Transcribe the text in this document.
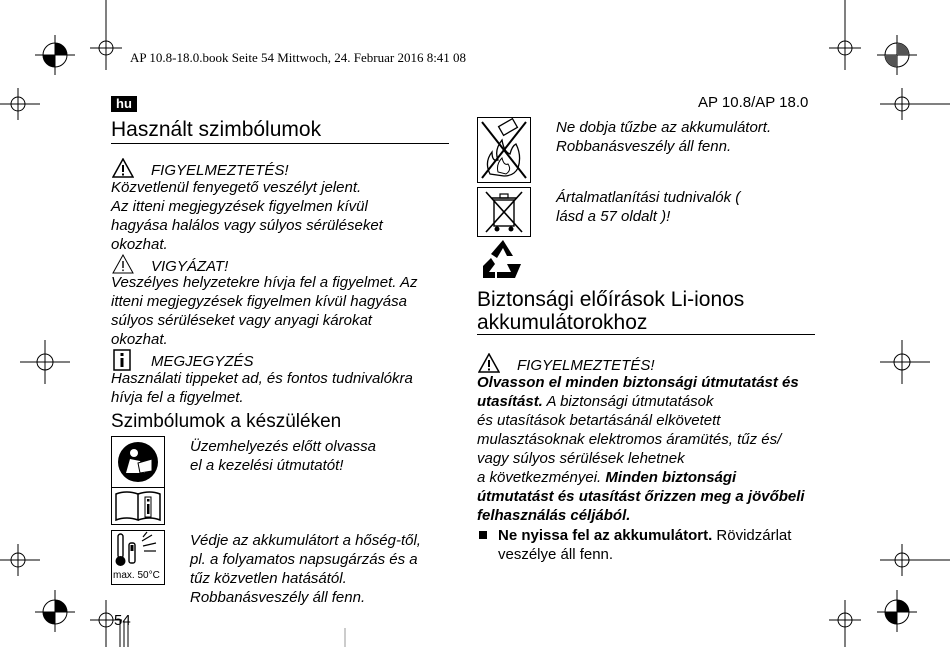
AP 10.8-18.0.book Seite 54 Mittwoch, 24. Februar 2016 8:41 08
hu	AP 10.8/AP 18.0
Használt szimbólumok
FIGYELMEZTETÉS!
Közvetlenül fenyegető veszélyt jelent.
Az itteni megjegyzések figyelmen kívül
hagyása halálos vagy súlyos sérüléseket
okozhat.
VIGYÁZAT!
Veszélyes helyzetekre hívja fel a figyelmet. Az
itteni megjegyzések figyelmen kívül hagyása
súlyos sérüléseket vagy anyagi károkat
okozhat.
MEGJEGYZÉS
Használati tippeket ad, és fontos tudnivalókra
hívja fel a figyelmet.
Szimbólumok a készüléken
Üzemhelyezés előtt olvassa
el a kezelési útmutatót!
max. 50°C
Védje az akkumulátort a hőség-től,
pl. a folyamatos napsugárzás és a
tűz közvetlen hatásától.
Robbanásveszély áll fenn.
54
Ne dobja tűzbe az akkumulátort.
Robbanásveszély áll fenn.
Ártalmatlanítási tudnivalók (
lásd a 57 oldalt )!
Biztonsági előírások Li-ionos
akkumulátorokhoz
FIGYELMEZTETÉS!
Olvasson el minden biztonsági útmutatást és
utasítást. A biztonsági útmutatások
és utasítások betartásánál elkövetett
mulasztásoknak elektromos áramütés, tűz és/
vagy súlyos sérülések lehetnek
a következményei. Minden biztonsági
útmutatást és utasítást őrizzen meg a jövőbeli
felhasználás céljából.
Ne nyissa fel az akkumulátort. Rövidzárlat
veszélye áll fenn.
